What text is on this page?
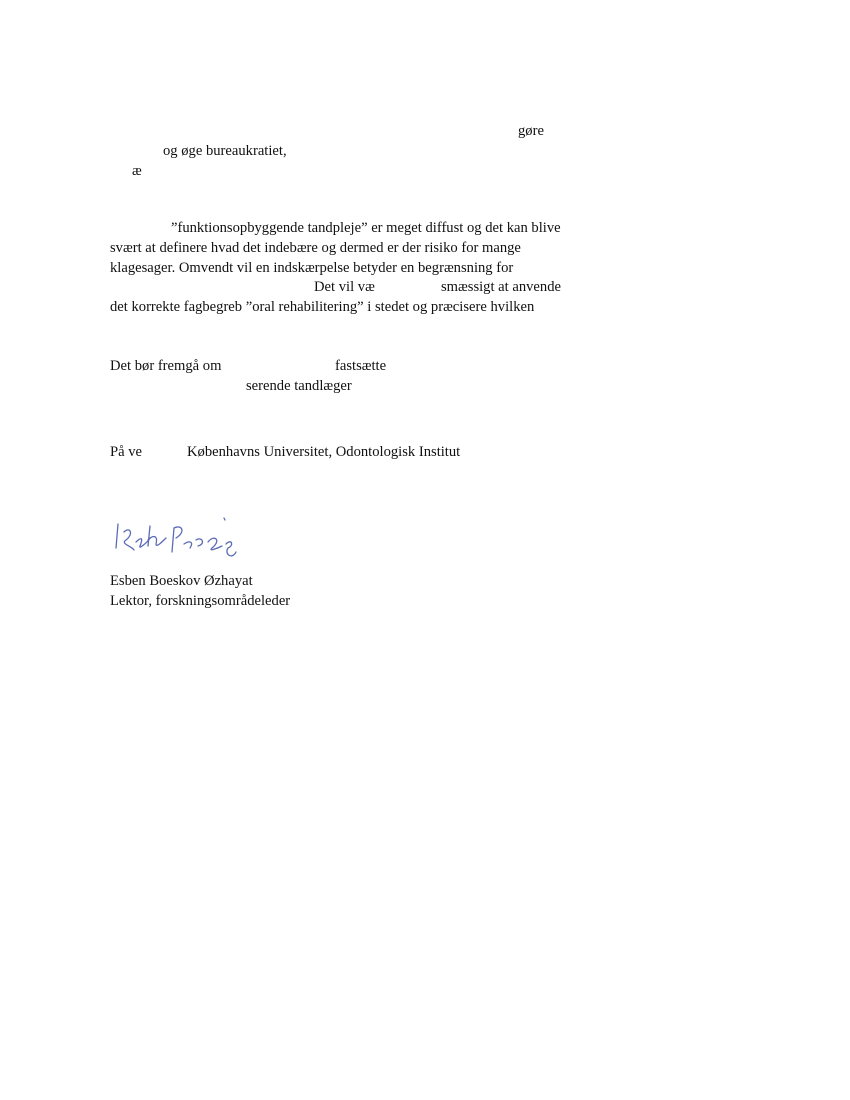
gøre
og øge bureaukratiet,
æ
”funktionsopbyggende tandpleje” er meget diffust og det kan blive
svært at definere hvad det indebære og dermed er der risiko for mange
klagesager. Omvendt vil en indskærpelse betyder en begrænsning for
Det vil væ	smæssigt at anvende
det korrekte fagbegreb ”oral rehabilitering” i stedet og præcisere hvilken
Det bør fremgå om	fastsætte
serende tandlæger
På ve	Københavns Universitet, Odontologisk Institut
Esben Boeskov Øzhayat
Lektor, forskningsområdeleder
